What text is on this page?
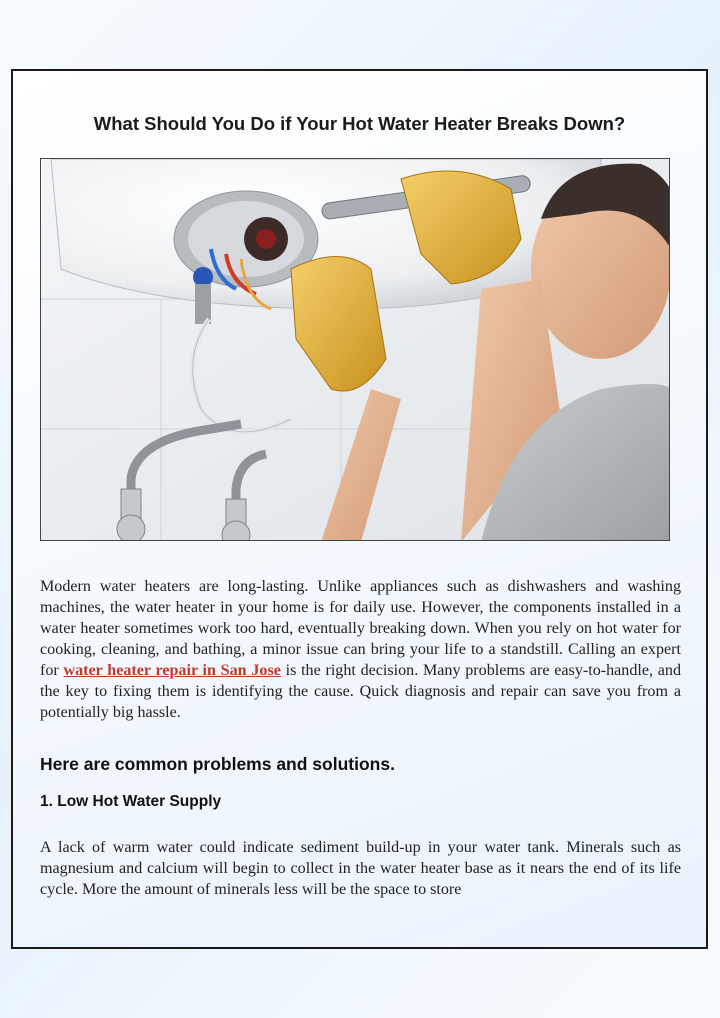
What Should You Do if Your Hot Water Heater Breaks Down?

Modern water heaters are long-lasting. Unlike appliances such as dishwashers and washing machines, the water heater in your home is for daily use. However, the components installed in a water heater sometimes work too hard, eventually breaking down. When you rely on hot water for cooking, cleaning, and bathing, a minor issue can bring your life to a standstill. Calling an expert for water heater repair in San Jose is the right decision. Many problems are easy-to-handle, and the key to fixing them is identifying the cause. Quick diagnosis and repair can save you from a potentially big hassle.

Here are common problems and solutions.
1. Low Hot Water Supply

A lack of warm water could indicate sediment build-up in your water tank. Minerals such as magnesium and calcium will begin to collect in the water heater base as it nears the end of its life cycle. More the amount of minerals less will be the space to store
